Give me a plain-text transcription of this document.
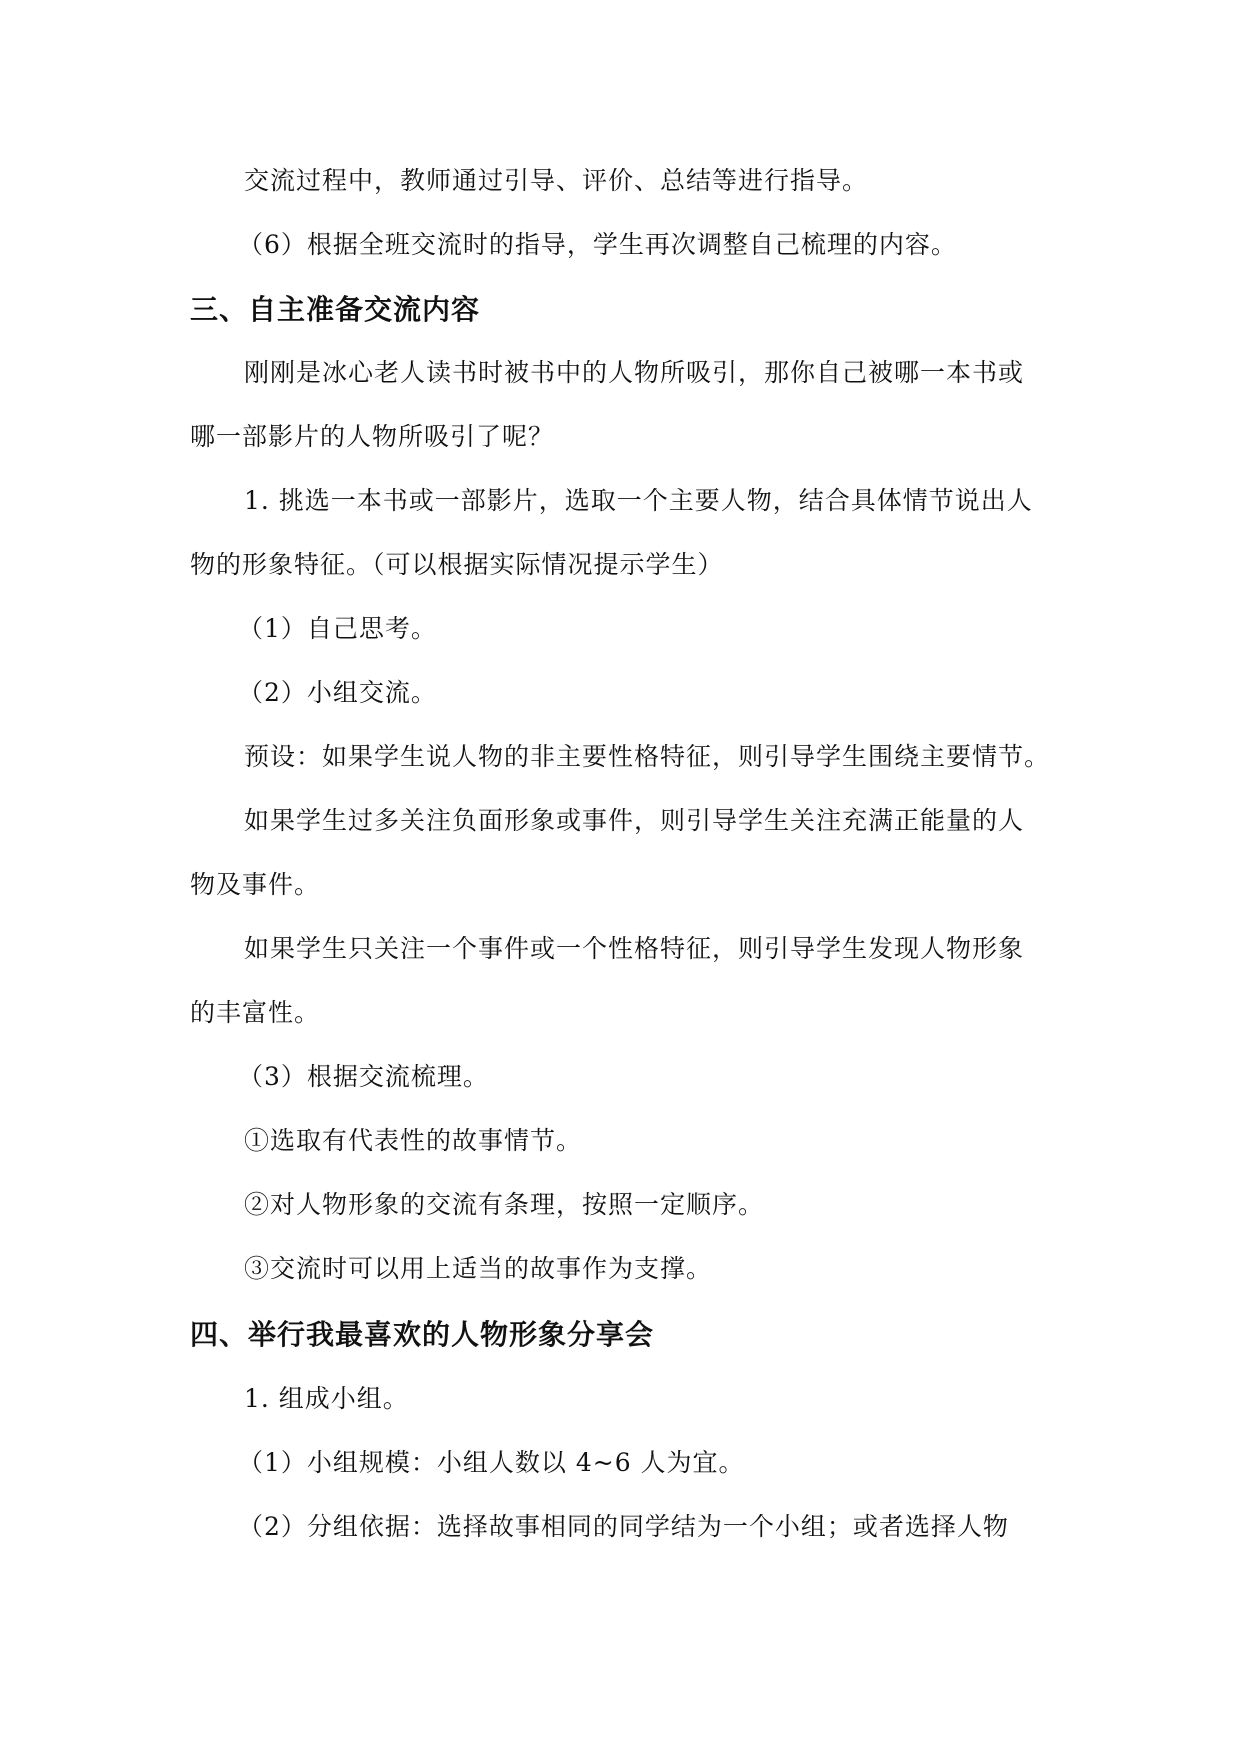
交流过程中，教师通过引导、评价、总结等进行指导。

（6）根据全班交流时的指导，学生再次调整自己梳理的内容。

三、自主准备交流内容

刚刚是冰心老人读书时被书中的人物所吸引，那你自己被哪一本书或

哪一部影片的人物所吸引了呢？

1. 挑选一本书或一部影片，选取一个主要人物，结合具体情节说出人

物的形象特征。（可以根据实际情况提示学生）

（1）自己思考。

（2）小组交流。

预设：如果学生说人物的非主要性格特征，则引导学生围绕主要情节。

如果学生过多关注负面形象或事件，则引导学生关注充满正能量的人

物及事件。

如果学生只关注一个事件或一个性格特征，则引导学生发现人物形象

的丰富性。

（3）根据交流梳理。

①选取有代表性的故事情节。

②对人物形象的交流有条理，按照一定顺序。

③交流时可以用上适当的故事作为支撑。

四、举行我最喜欢的人物形象分享会

1. 组成小组。

（1）小组规模：小组人数以 4~6 人为宜。

（2）分组依据：选择故事相同的同学结为一个小组；或者选择人物
